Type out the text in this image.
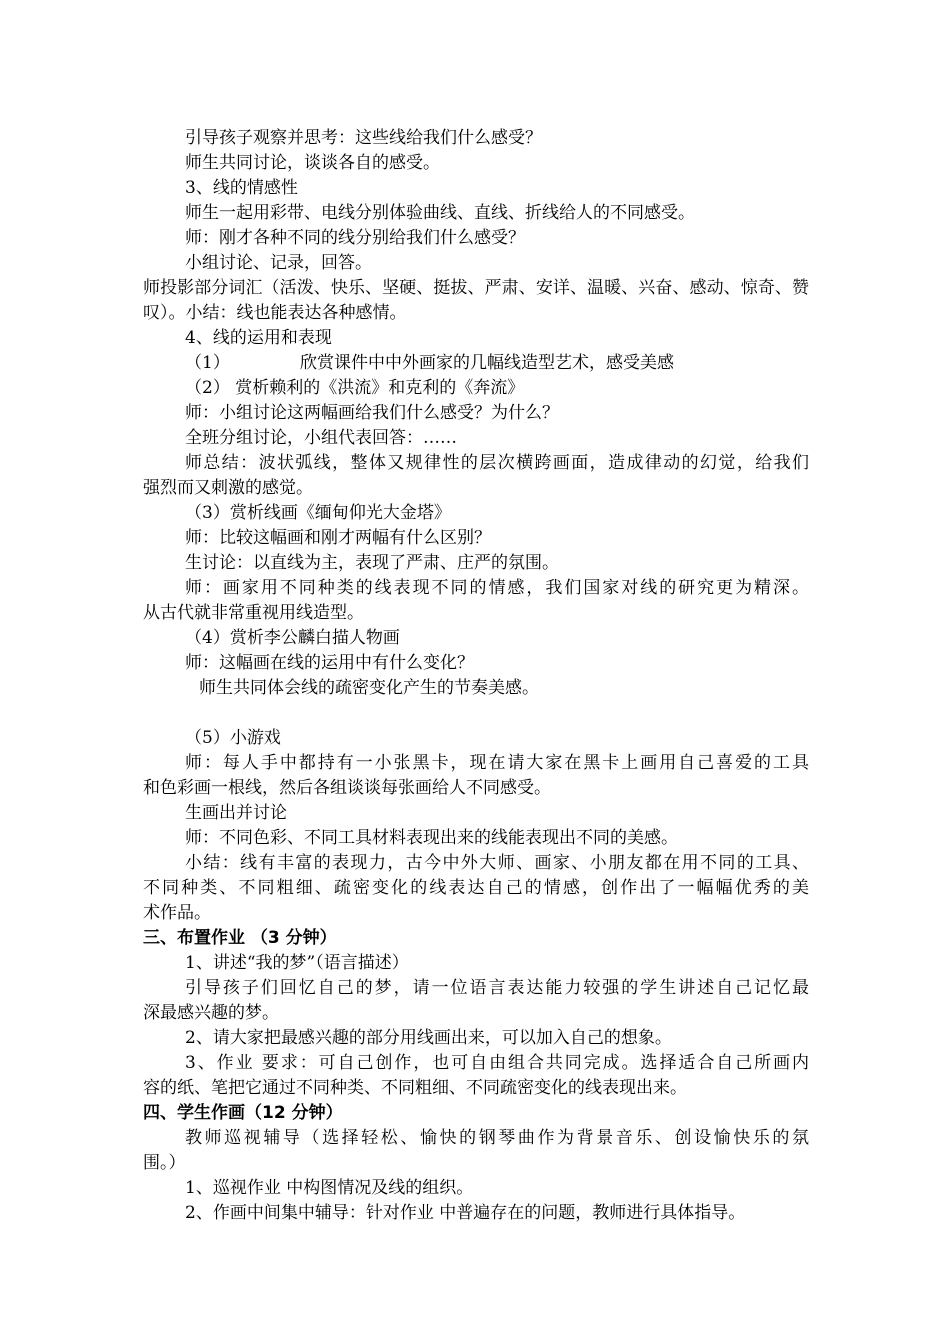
引导孩子观察并思考：这些线给我们什么感受？
师生共同讨论，谈谈各自的感受。
3、线的情感性
师生一起用彩带、电线分别体验曲线、直线、折线给人的不同感受。
师：刚才各种不同的线分别给我们什么感受？
小组讨论、记录，回答。
师投影部分词汇（活泼、快乐、坚硬、挺拔、严肃、安详、温暖、兴奋、感动、惊奇、赞
叹）。小结：线也能表达各种感情。
4、线的运用和表现
（1）	欣赏课件中中外画家的几幅线造型艺术，感受美感
（2） 赏析赖利的《洪流》和克利的《奔流》
师：小组讨论这两幅画给我们什么感受？为什么？
全班分组讨论，小组代表回答：……
师总结：波状弧线，整体又规律性的层次横跨画面，造成律动的幻觉，给我们
强烈而又刺激的感觉。
（3）赏析线画《缅甸仰光大金塔》
师：比较这幅画和刚才两幅有什么区别？
生讨论：以直线为主，表现了严肃、庄严的氛围。
师：画家用不同种类的线表现不同的情感，我们国家对线的研究更为精深。
从古代就非常重视用线造型。
（4）赏析李公麟白描人物画
师：这幅画在线的运用中有什么变化？
师生共同体会线的疏密变化产生的节奏美感。
（5）小游戏
师：每人手中都持有一小张黑卡，现在请大家在黑卡上画用自己喜爱的工具
和色彩画一根线，然后各组谈谈每张画给人不同感受。
生画出并讨论
师：不同色彩、不同工具材料表现出来的线能表现出不同的美感。
小结：线有丰富的表现力，古今中外大师、画家、小朋友都在用不同的工具、
不同种类、不同粗细、疏密变化的线表达自己的情感，创作出了一幅幅优秀的美
术作品。
三、布置作业 （3 分钟）
1、讲述“我的梦”（语言描述）
引导孩子们回忆自己的梦，请一位语言表达能力较强的学生讲述自己记忆最
深最感兴趣的梦。
2、请大家把最感兴趣的部分用线画出来，可以加入自己的想象。
3、作业 要求：可自己创作，也可自由组合共同完成。选择适合自己所画内
容的纸、笔把它通过不同种类、不同粗细、不同疏密变化的线表现出来。
四、学生作画（12 分钟）
教师巡视辅导（选择轻松、愉快的钢琴曲作为背景音乐、创设愉快乐的氛
围。）
1、巡视作业 中构图情况及线的组织。
2、作画中间集中辅导：针对作业 中普遍存在的问题，教师进行具体指导。
